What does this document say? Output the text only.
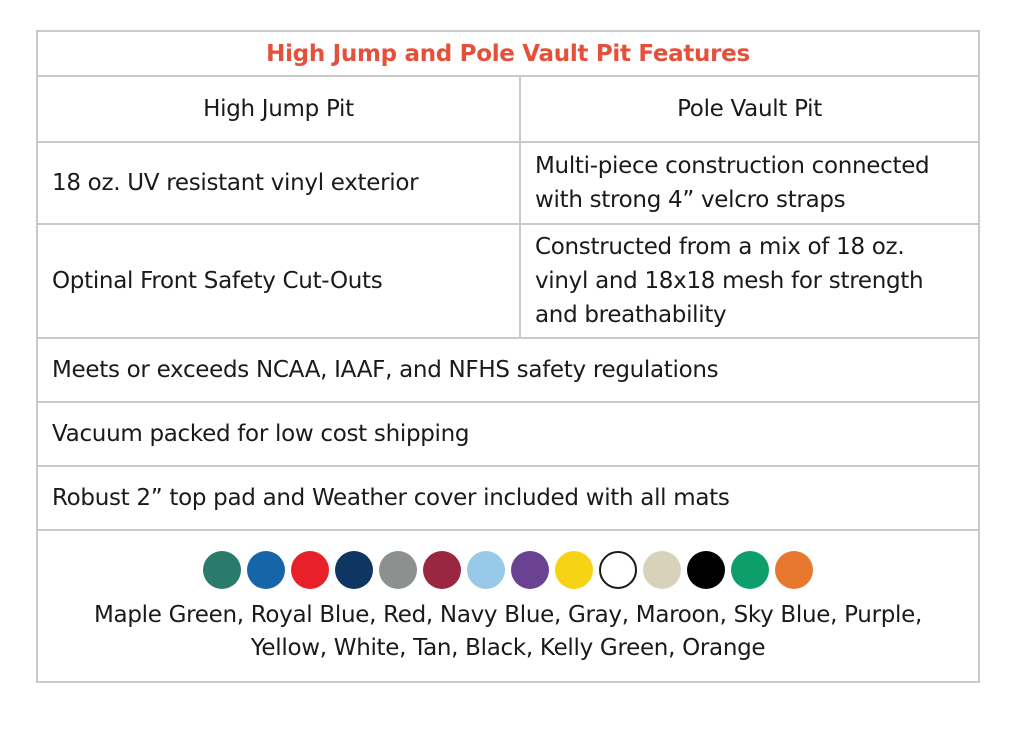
High Jump and Pole Vault Pit Features	
High Jump Pit	Pole Vault Pit
18 oz. UV resistant vinyl exterior	Multi-piece construction connected with strong 4” velcro straps
Optinal Front Safety Cut-Outs	Constructed from a mix of 18 oz. vinyl and 18x18 mesh for strength and breathability
Meets or exceeds NCAA, IAAF, and NFHS safety regulations	
Vacuum packed for low cost shipping	
Robust 2” top pad and Weather cover included with all mats	

Maple Green, Royal Blue, Red, Navy Blue, Gray, Maroon, Sky Blue, Purple,
Yellow, White, Tan, Black, Kelly Green, Orange	
